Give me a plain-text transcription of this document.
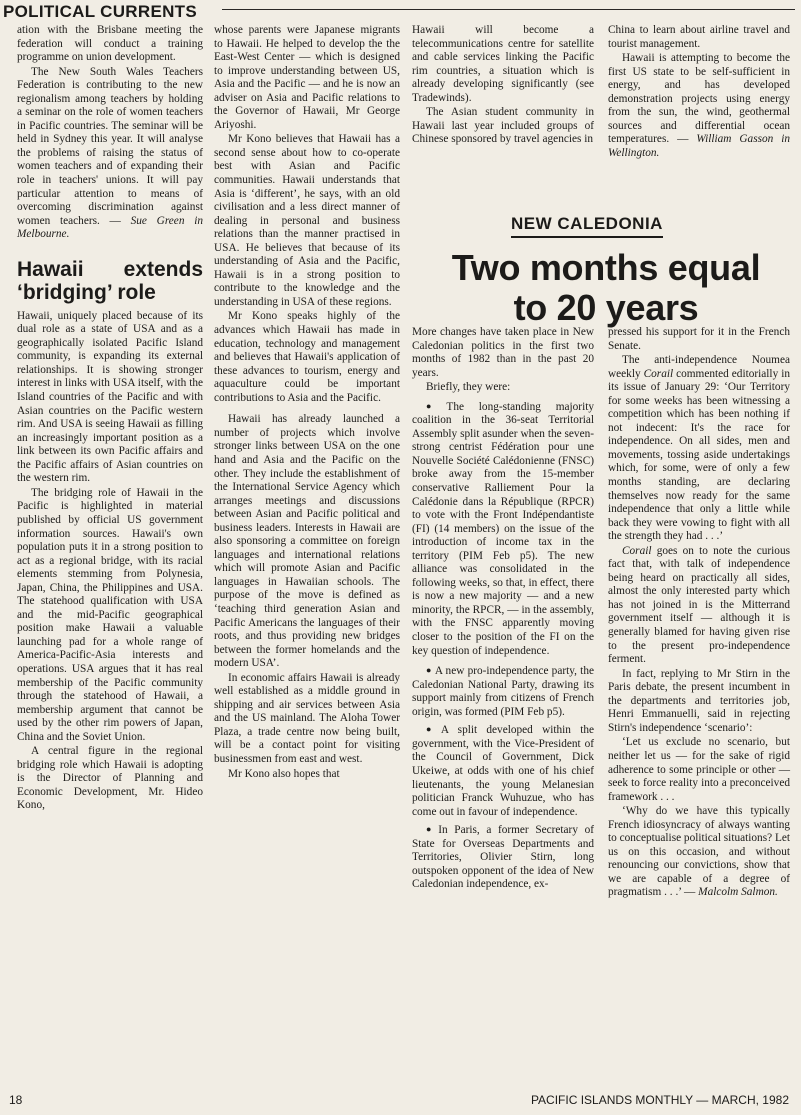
POLITICAL CURRENTS

ation with the Brisbane meeting the federation will conduct a training programme on union development.

The New South Wales Teachers Federation is contributing to the new regionalism among teachers by holding a seminar on the role of women teachers in Pacific countries. The seminar will be held in Sydney this year. It will analyse the problems of raising the status of women teachers and of expanding their role in teachers' unions. It will pay particular attention to means of overcoming discrimination against women teachers. — Sue Green in Melbourne.

Hawaii extends ‘bridging’ role

Hawaii, uniquely placed because of its dual role as a state of USA and as a geographically isolated Pacific Island community, is expanding its external relationships. It is showing stronger interest in links with USA itself, with the Island countries of the Pacific and with Asian countries on the Pacific western rim. And USA is seeing Hawaii as filling an increasingly important position as a link between its own Pacific affairs and the Pacific affairs of Asian countries on the western rim.

The bridging role of Hawaii in the Pacific is highlighted in material published by official US government information sources. Hawaii's own population puts it in a strong position to act as a regional bridge, with its racial elements stemming from Polynesia, Japan, China, the Philippines and USA. The statehood qualification with USA and the mid-Pacific geographical position make Hawaii a valuable launching pad for a whole range of America-Pacific-Asia interests and operations. USA argues that it has real membership of the Pacific community through the statehood of Hawaii, a membership argument that cannot be used by the other rim powers of Japan, China and the Soviet Union.

A central figure in the regional bridging role which Hawaii is adopting is the Director of Planning and Economic Development, Mr. Hideo Kono,

whose parents were Japanese migrants to Hawaii. He helped to develop the the East-West Center — which is designed to improve understanding between US, Asia and the Pacific — and he is now an adviser on Asia and Pacific relations to the Governor of Hawaii, Mr George Ariyoshi.

Mr Kono believes that Hawaii has a second sense about how to co-operate best with Asian and Pacific communities. Hawaii understands that Asia is ‘different’, he says, with an old civilisation and a less direct manner of dealing in personal and business relations than the manner practised in USA. He believes that because of its understanding of Asia and the Pacific, Hawaii is in a strong position to contribute to the knowledge and the understanding in USA of these regions.

Mr Kono speaks highly of the advances which Hawaii has made in education, technology and management and believes that Hawaii's application of these advances to tourism, energy and aquaculture could be important contributions to Asia and the Pacific.

Hawaii has already launched a number of projects which involve stronger links between USA on the one hand and Asia and the Pacific on the other. They include the establishment of the International Service Agency which arranges meetings and discussions between Asian and Pacific political and business leaders. Interests in Hawaii are also sponsoring a committee on foreign languages and international relations which will promote Asian and Pacific languages in Hawaiian schools. The purpose of the move is defined as ‘teaching third generation Asian and Pacific Americans the languages of their roots, and thus providing new bridges between the former homelands and the modern USA’.

In economic affairs Hawaii is already well established as a middle ground in shipping and air services between Asia and the US mainland. The Aloha Tower Plaza, a trade centre now being built, will be a contact point for visiting businessmen from east and west.

Mr Kono also hopes that

Hawaii will become a telecommunications centre for satellite and cable services linking the Pacific rim countries, a situation which is already developing significantly (see Tradewinds).

The Asian student community in Hawaii last year included groups of Chinese sponsored by travel agencies in

China to learn about airline travel and tourist management.

Hawaii is attempting to become the first US state to be self-sufficient in energy, and has developed demonstration projects using energy from the sun, the wind, geothermal sources and differential ocean temperatures. — William Gasson in Wellington.

NEW CALEDONIA
Two months equal
to 20 years

More changes have taken place in New Caledonian politics in the first two months of 1982 than in the past 20 years.

Briefly, they were:

● The long-standing majority coalition in the 36-seat Territorial Assembly split asunder when the seven-strong centrist Fédération pour une Nouvelle Société Calédonienne (FNSC) broke away from the 15-member conservative Ralliement Pour la Calédonie dans la République (RPCR) to vote with the Front Indépendantiste (FI) (14 members) on the issue of the introduction of income tax in the territory (PIM Feb p5). The new alliance was consolidated in the following weeks, so that, in effect, there is now a new majority — and a new minority, the RPCR, — in the assembly, with the FNSC apparently moving closer to the position of the FI on the key question of independence.

● A new pro-independence party, the Caledonian National Party, drawing its support mainly from citizens of French origin, was formed (PIM Feb p5).

● A split developed within the government, with the Vice-President of the Council of Government, Dick Ukeiwe, at odds with one of his chief lieutenants, the young Melanesian politician Franck Wuhuzue, who has come out in favour of independence.

● In Paris, a former Secretary of State for Overseas Departments and Territories, Olivier Stirn, long outspoken opponent of the idea of New Caledonian independence, ex-

pressed his support for it in the French Senate.

The anti-independence Noumea weekly Corail commented editorially in its issue of January 29: ‘Our Territory for some weeks has been witnessing a competition which has been nothing if not indecent: It's the race for independence. On all sides, men and movements, tossing aside undertakings which, for some, were of only a few months standing, are declaring themselves now ready for the same independence that only a little while back they were vowing to fight with all the strength they had . . .’

Corail goes on to note the curious fact that, with talk of independence being heard on practically all sides, almost the only interested party which has not joined in is the Mitterrand government itself — although it is generally blamed for having given rise to the present pro-independence ferment.

In fact, replying to Mr Stirn in the Paris debate, the present incumbent in the departments and territories job, Henri Emmanuelli, said in rejecting Stirn's independence ‘scenario’:

‘Let us exclude no scenario, but neither let us — for the sake of rigid adherence to some principle or other — seek to force reality into a preconceived framework . . .

‘Why do we have this typically French idiosyncracy of always wanting to conceptualise political situations? Let us on this occasion, and without renouncing our convictions, show that we are capable of a degree of pragmatism . . .’ — Malcolm Salmon.

18	PACIFIC ISLANDS MONTHLY — MARCH, 1982
